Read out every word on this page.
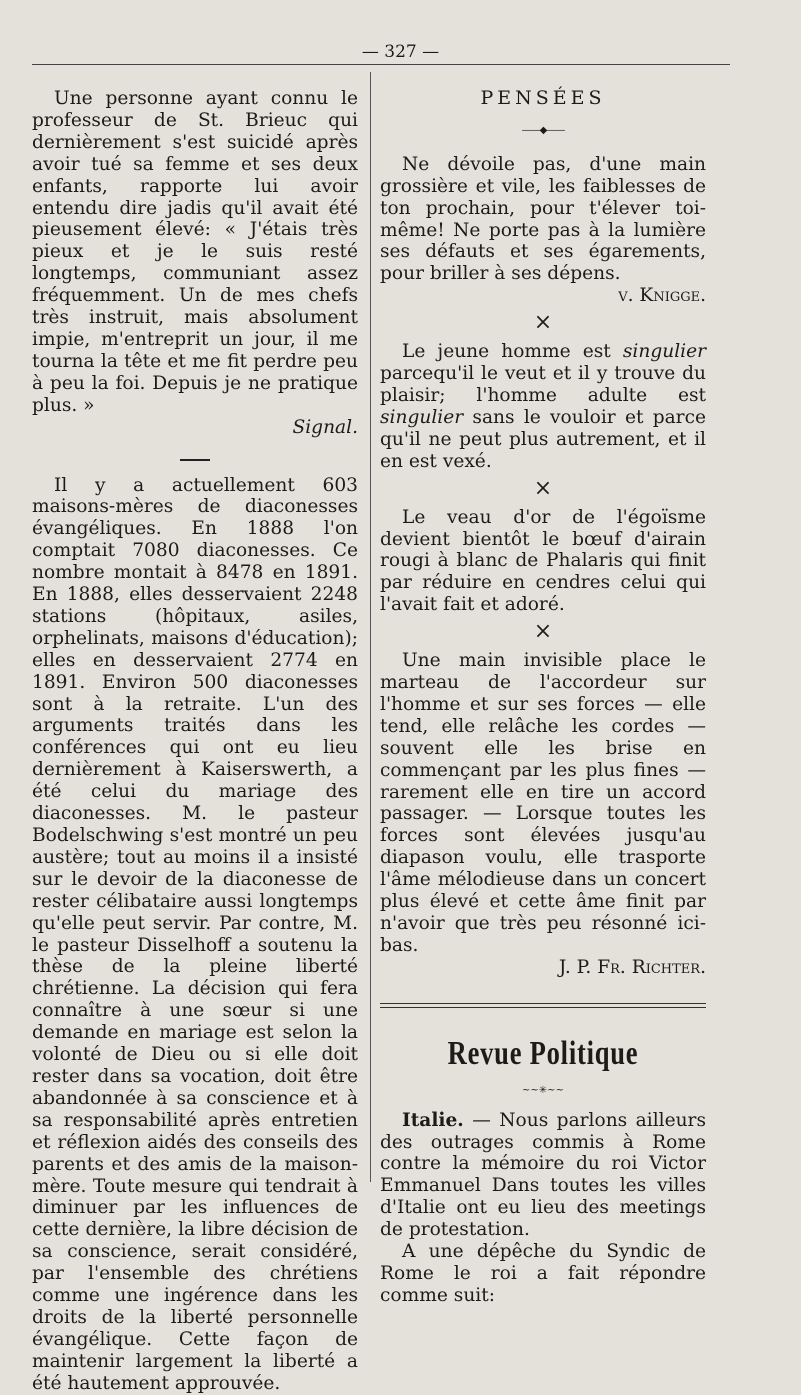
— 327 —

Une personne ayant connu le professeur de St. Brieuc qui dernièrement s'est suicidé après avoir tué sa femme et ses deux enfants, rapporte lui avoir entendu dire jadis qu'il avait été pieusement élevé: « J'étais très pieux et je le suis resté longtemps, communiant assez fréquemment. Un de mes chefs très instruit, mais absolument impie, m'entreprit un jour, il me tourna la tête et me fit perdre peu à peu la foi. Depuis je ne pratique plus. »

Signal.

Il y a actuellement 603 maisons-mères de diaconesses évangéliques. En 1888 l'on comptait 7080 diaconesses. Ce nombre montait à 8478 en 1891. En 1888, elles desservaient 2248 stations (hôpitaux, asiles, orphelinats, maisons d'éducation); elles en desservaient 2774 en 1891. Environ 500 diaconesses sont à la retraite. L'un des arguments traités dans les conférences qui ont eu lieu dernièrement à Kaiserswerth, a été celui du mariage des diaconesses. M. le pasteur Bodelschwing s'est montré un peu austère; tout au moins il a insisté sur le devoir de la diaconesse de rester célibataire aussi longtemps qu'elle peut servir. Par contre, M. le pasteur Disselhoff a soutenu la thèse de la pleine liberté chrétienne. La décision qui fera connaître à une sœur si une demande en mariage est selon la volonté de Dieu ou si elle doit rester dans sa vocation, doit être abandonnée à sa conscience et à sa responsabilité après entretien et réflexion aidés des conseils des parents et des amis de la maison-mère. Toute mesure qui tendrait à diminuer par les influences de cette dernière, la libre décision de sa conscience, serait considéré, par l'ensemble des chrétiens comme une ingérence dans les droits de la liberté personnelle évangélique. Cette façon de maintenir largement la liberté a été hautement approuvée.

PENSÉES
——◆——

Ne dévoile pas, d'une main grossière et vile, les faiblesses de ton prochain, pour t'élever toi-même! Ne porte pas à la lumière ses défauts et ses égarements, pour briller à ses dépens.

v. Knigge.

×

Le jeune homme est singulier parcequ'il le veut et il y trouve du plaisir; l'homme adulte est singulier sans le vouloir et parce qu'il ne peut plus autrement, et il en est vexé.

×

Le veau d'or de l'égoïsme devient bientôt le bœuf d'airain rougi à blanc de Phalaris qui finit par réduire en cendres celui qui l'avait fait et adoré.

×

Une main invisible place le marteau de l'accordeur sur l'homme et sur ses forces — elle tend, elle relâche les cordes — souvent elle les brise en commençant par les plus fines — rarement elle en tire un accord passager. — Lorsque toutes les forces sont élevées jusqu'au diapason voulu, elle trasporte l'âme mélodieuse dans un concert plus élevé et cette âme finit par n'avoir que très peu résonné ici-bas.

J. P. Fr. Richter.

Revue Politique
~~✳~~

Italie. — Nous parlons ailleurs des outrages commis à Rome contre la mémoire du roi Victor Emmanuel Dans toutes les villes d'Italie ont eu lieu des meetings de protestation.

A une dépêche du Syndic de Rome le roi a fait répondre comme suit:
